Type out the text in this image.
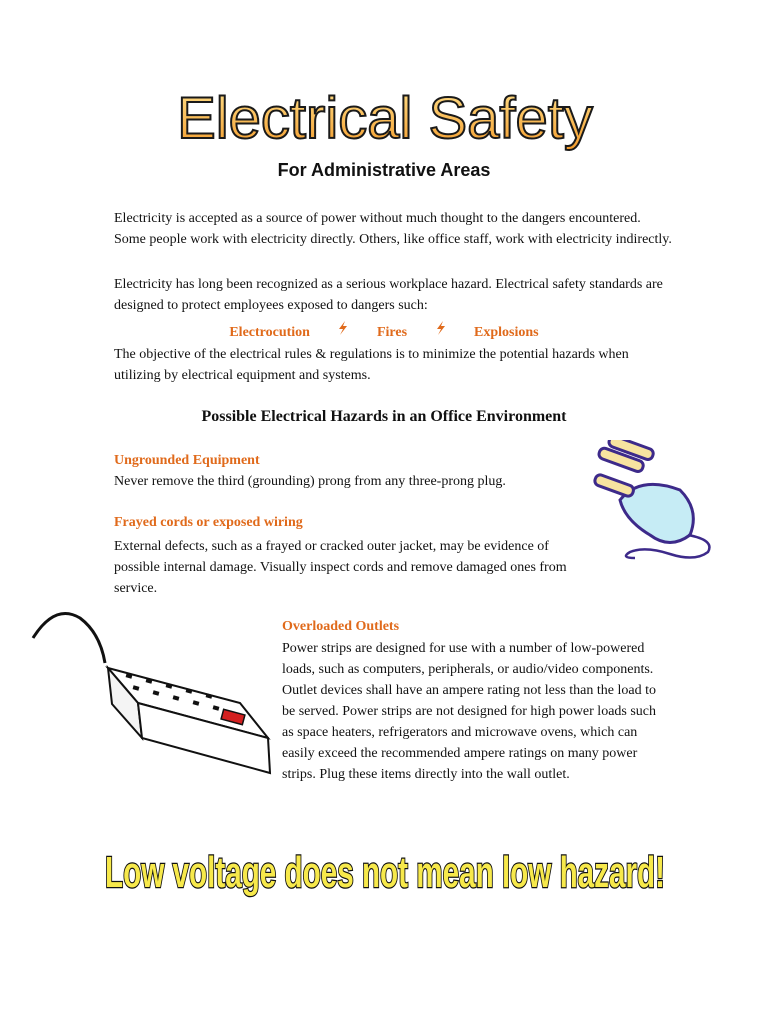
Electrical Safety
For Administrative Areas
Electricity is accepted as a source of power without much thought to the dangers encountered. Some people work with electricity directly. Others, like office staff, work with electricity indirectly.
Electricity has long been recognized as a serious workplace hazard. Electrical safety standards are designed to protect employees exposed to dangers such:
Electrocution	Fires	Explosions
The objective of the electrical rules & regulations is to minimize the potential hazards when utilizing by electrical equipment and systems.
Possible Electrical Hazards in an Office Environment
Ungrounded Equipment
Never remove the third (grounding) prong from any three-prong plug.
Frayed cords or exposed wiring
External defects, such as a frayed or cracked outer jacket, may be evidence of possible internal damage. Visually inspect cords and remove damaged ones from service.
Overloaded Outlets
Power strips are designed for use with a number of low-powered loads, such as computers, peripherals, or audio/video components. Outlet devices shall have an ampere rating not less than the load to be served. Power strips are not designed for high power loads such as space heaters, refrigerators and microwave ovens, which can easily exceed the recommended ampere ratings on many power strips. Plug these items directly into the wall outlet.
Low voltage does not mean low hazard!
